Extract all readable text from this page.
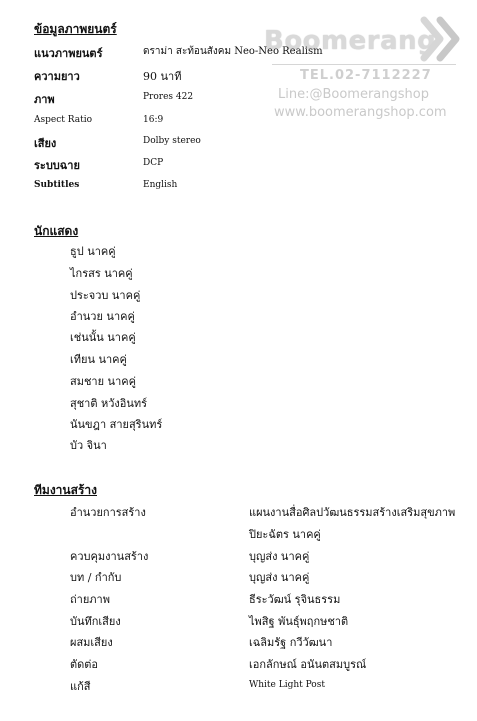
Boomerang
TEL.02-7112227
Line:@Boomerangshop
www.boomerangshop.com
ข้อมูลภาพยนตร์
แนวภาพยนตร์	ดราม่า สะท้อนสังคม Neo-Neo Realism
ความยาว	90 นาที
ภาพ	Prores 422
Aspect Ratio	16:9
เสียง	Dolby stereo
ระบบฉาย	DCP
Subtitles	English
นักแสดง
ธูป นาคคู่
ไกรสร นาคคู่
ประจวบ นาคคู่
อำนวย นาคคู่
เช่นนั้น นาคคู่
เทียน นาคคู่
สมชาย นาคคู่
สุชาติ หวังอินทร์
นันขฎา สายสุรินทร์
บัว จินา
ทีมงานสร้าง
อำนวยการสร้าง	แผนงานสื่อศิลปวัฒนธรรมสร้างเสริมสุขภาพ
ปิยะฉัตร นาคคู่
ควบคุมงานสร้าง	บุญส่ง นาคคู่
บท / กำกับ	บุญส่ง นาคคู่
ถ่ายภาพ	ธีระวัฒน์ รุจินธรรม
บันทึกเสียง	ไพสิฐ พันธุ์พฤกษชาติ
ผสมเสียง	เฉลิมรัฐ กวีวัฒนา
ตัดต่อ	เอกลักษณ์ อนันตสมบูรณ์
แก้สี	White Light Post
